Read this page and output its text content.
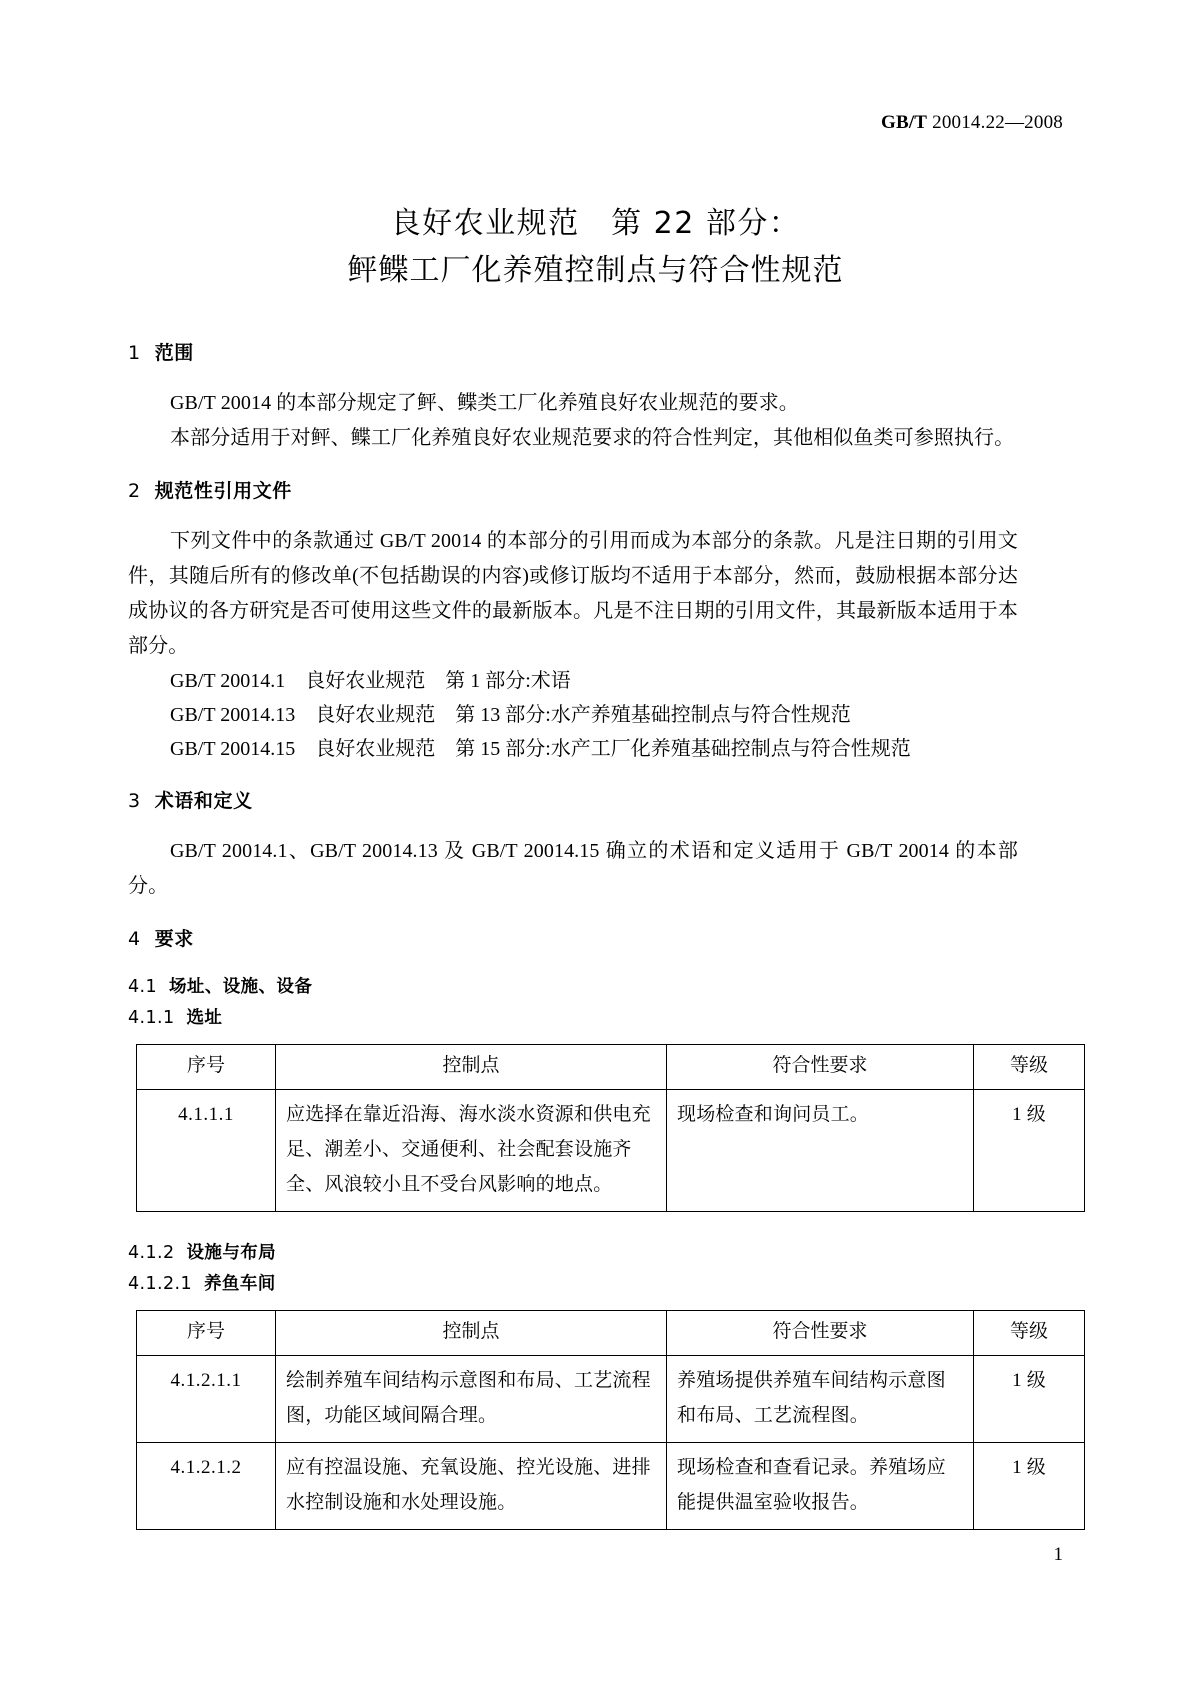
GB/T 20014.22—2008
良好农业规范　第 22 部分：
鲆鲽工厂化养殖控制点与符合性规范
1 范围

GB/T 20014 的本部分规定了鲆、鲽类工厂化养殖良好农业规范的要求。

本部分适用于对鲆、鲽工厂化养殖良好农业规范要求的符合性判定，其他相似鱼类可参照执行。

2 规范性引用文件

下列文件中的条款通过 GB/T 20014 的本部分的引用而成为本部分的条款。凡是注日期的引用文件，其随后所有的修改单(不包括勘误的内容)或修订版均不适用于本部分，然而，鼓励根据本部分达成协议的各方研究是否可使用这些文件的最新版本。凡是不注日期的引用文件，其最新版本适用于本部分。

GB/T 20014.1　良好农业规范　第 1 部分:术语

GB/T 20014.13　良好农业规范　第 13 部分:水产养殖基础控制点与符合性规范

GB/T 20014.15　良好农业规范　第 15 部分:水产工厂化养殖基础控制点与符合性规范

3 术语和定义

GB/T 20014.1、GB/T 20014.13 及 GB/T 20014.15 确立的术语和定义适用于 GB/T 20014 的本部分。

4 要求
4.1 场址、设施、设备
4.1.1 选址
序号	控制点	符合性要求	等级
4.1.1.1	应选择在靠近沿海、海水淡水资源和供电充足、潮差小、交通便利、社会配套设施齐全、风浪较小且不受台风影响的地点。	现场检查和询问员工。	1 级
4.1.2 设施与布局
4.1.2.1 养鱼车间
序号	控制点	符合性要求	等级
4.1.2.1.1	绘制养殖车间结构示意图和布局、工艺流程图，功能区域间隔合理。	养殖场提供养殖车间结构示意图和布局、工艺流程图。	1 级
4.1.2.1.2	应有控温设施、充氧设施、控光设施、进排水控制设施和水处理设施。	现场检查和查看记录。养殖场应能提供温室验收报告。	1 级
1
